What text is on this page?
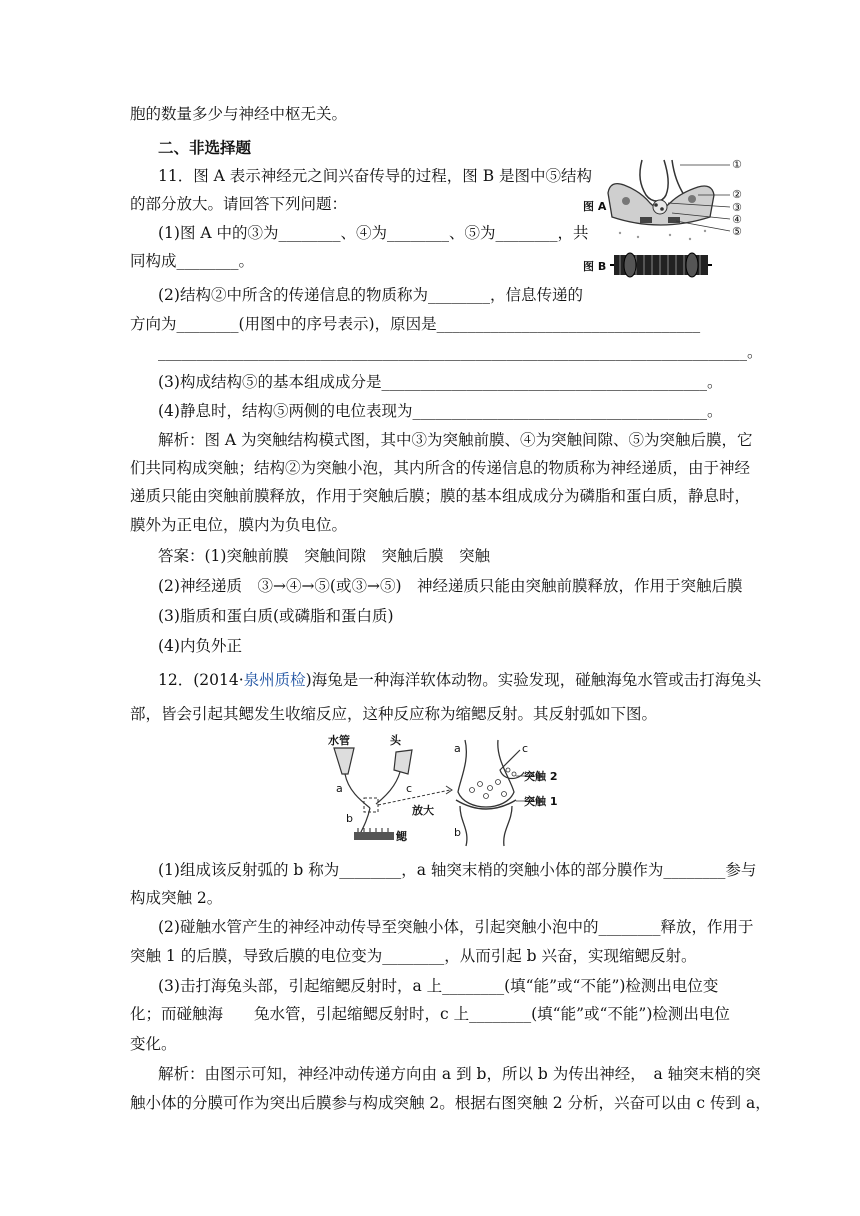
胞的数量多少与神经中枢无关。
二、非选择题
11．图 A 表示神经元之间兴奋传导的过程，图 B 是图中⑤结构
的部分放大。请回答下列问题：
(1)图 A 中的③为________、④为________、⑤为________，共
同构成________。
(2)结构②中所含的传递信息的物质称为________，信息传递的
方向为________(用图中的序号表示)，原因是__________________________________
____________________________________________________________________________。
(3)构成结构⑤的基本组成成分是__________________________________________。
(4)静息时，结构⑤两侧的电位表现为______________________________________。
解析：图 A 为突触结构模式图，其中③为突触前膜、④为突触间隙、⑤为突触后膜，它
们共同构成突触；结构②为突触小泡，其内所含的传递信息的物质称为神经递质，由于神经
递质只能由突触前膜释放，作用于突触后膜；膜的基本组成成分为磷脂和蛋白质，静息时，
膜外为正电位，膜内为负电位。
答案：(1)突触前膜　突触间隙　突触后膜　突触
(2)神经递质　③→④→⑤(或③→⑤)　神经递质只能由突触前膜释放，作用于突触后膜
(3)脂质和蛋白质(或磷脂和蛋白质)
(4)内负外正
12．(2014·泉州质检)海兔是一种海洋软体动物。实验发现，碰触海兔水管或击打海兔头
部，皆会引起其鳃发生收缩反应，这种反应称为缩鳃反射。其反射弧如下图。
(1)组成该反射弧的 b 称为________，a 轴突末梢的突触小体的部分膜作为________参与
构成突触 2。
(2)碰触水管产生的神经冲动传导至突触小体，引起突触小泡中的________释放，作用于
突触 1 的后膜，导致后膜的电位变为________，从而引起 b 兴奋，实现缩鳃反射。
(3)击打海兔头部，引起缩鳃反射时，a 上________(填“能”或“不能”)检测出电位变
化；而碰触海　　兔水管，引起缩鳃反射时，c 上________(填“能”或“不能”)检测出电位
变化。
解析：由图示可知，神经冲动传递方向由 a 到 b，所以 b 为传出神经，　a 轴突末梢的突
触小体的分膜可作为突出后膜参与构成突触 2。根据右图突触 2 分析，兴奋可以由 c 传到 a，
图 A
图 B
①
②
③
④
⑤
水管	头
a	c
b
放大
鳃
a	c
b
突触 2
突触 1
